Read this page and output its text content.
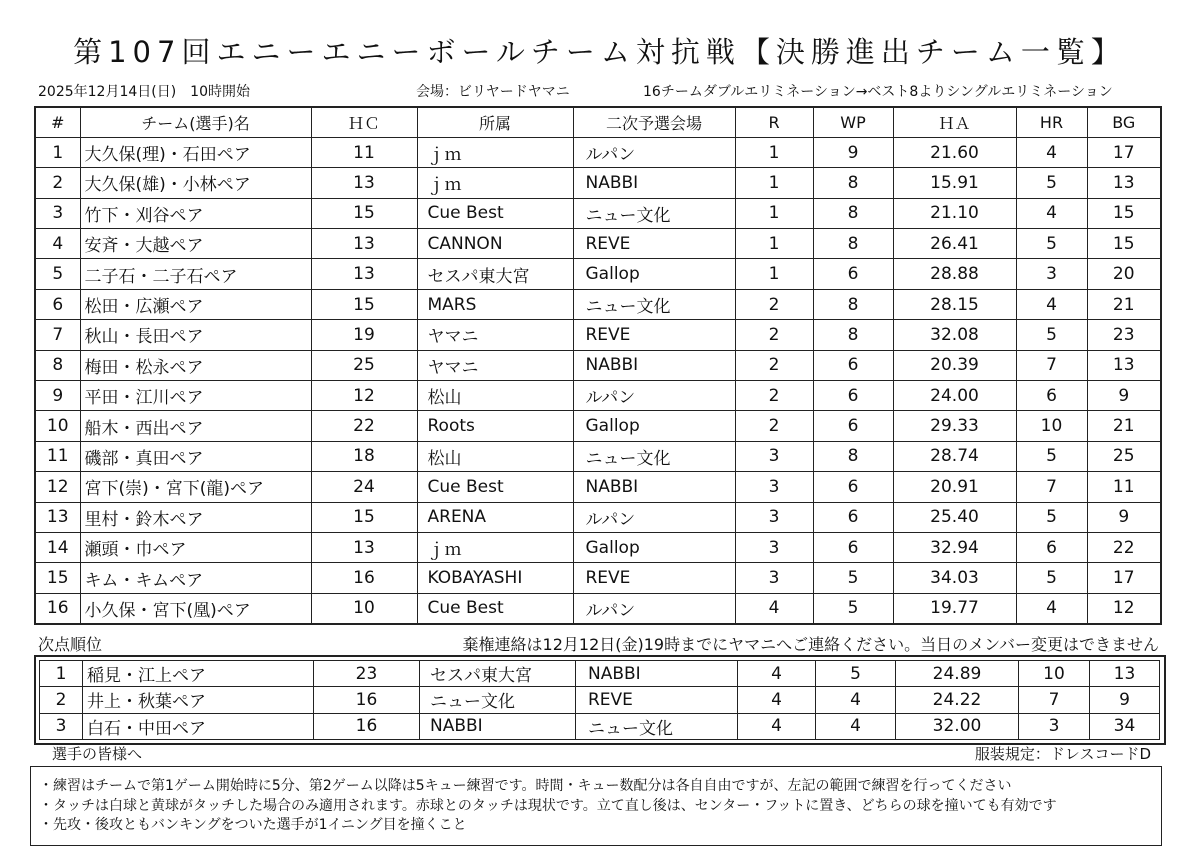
第107回エニーエニーボールチーム対抗戦【決勝進出チーム一覧】
2025年12月14日(日)　10時開始	会場：ビリヤードヤマニ	16チームダブルエリミネーション→ベスト8よりシングルエリミネーション
#	チーム(選手)名	ＨＣ	所属	二次予選会場	R	WP	ＨＡ	HR	BG
1	大久保(理)・石田ペア	11	ｊｍ	ルパン	1	9	21.60	4	17
2	大久保(雄)・小林ペア	13	ｊｍ	NABBI	1	8	15.91	5	13
3	竹下・刈谷ペア	15	Cue Best	ニュー文化	1	8	21.10	4	15
4	安斉・大越ペア	13	CANNON	REVE	1	8	26.41	5	15
5	二子石・二子石ペア	13	セスパ東大宮	Gallop	1	6	28.88	3	20
6	松田・広瀬ペア	15	MARS	ニュー文化	2	8	28.15	4	21
7	秋山・長田ペア	19	ヤマニ	REVE	2	8	32.08	5	23
8	梅田・松永ペア	25	ヤマニ	NABBI	2	6	20.39	7	13
9	平田・江川ペア	12	松山	ルパン	2	6	24.00	6	9
10	船木・西出ペア	22	Roots	Gallop	2	6	29.33	10	21
11	磯部・真田ペア	18	松山	ニュー文化	3	8	28.74	5	25
12	宮下(崇)・宮下(龍)ペア	24	Cue Best	NABBI	3	6	20.91	7	11
13	里村・鈴木ペア	15	ARENA	ルパン	3	6	25.40	5	9
14	瀬頭・巾ペア	13	ｊｍ	Gallop	3	6	32.94	6	22
15	キム・キムペア	16	KOBAYASHI	REVE	3	5	34.03	5	17
16	小久保・宮下(凰)ペア	10	Cue Best	ルパン	4	5	19.77	4	12
次点順位	棄権連絡は12月12日(金)19時までにヤマニへご連絡ください。当日のメンバー変更はできません
1	稲見・江上ペア	23	セスパ東大宮	NABBI	4	5	24.89	10	13
2	井上・秋葉ペア	16	ニュー文化	REVE	4	4	24.22	7	9
3	白石・中田ペア	16	NABBI	ニュー文化	4	4	32.00	3	34
選手の皆様へ	服装規定：ドレスコードD
・練習はチームで第1ゲーム開始時に5分、第2ゲーム以降は5キュー練習です。時間・キュー数配分は各自自由ですが、左記の範囲で練習を行ってください
・タッチは白球と黄球がタッチした場合のみ適用されます。赤球とのタッチは現状です。立て直し後は、センター・フットに置き、どちらの球を撞いても有効です
・先攻・後攻ともバンキングをついた選手が1イニング目を撞くこと
